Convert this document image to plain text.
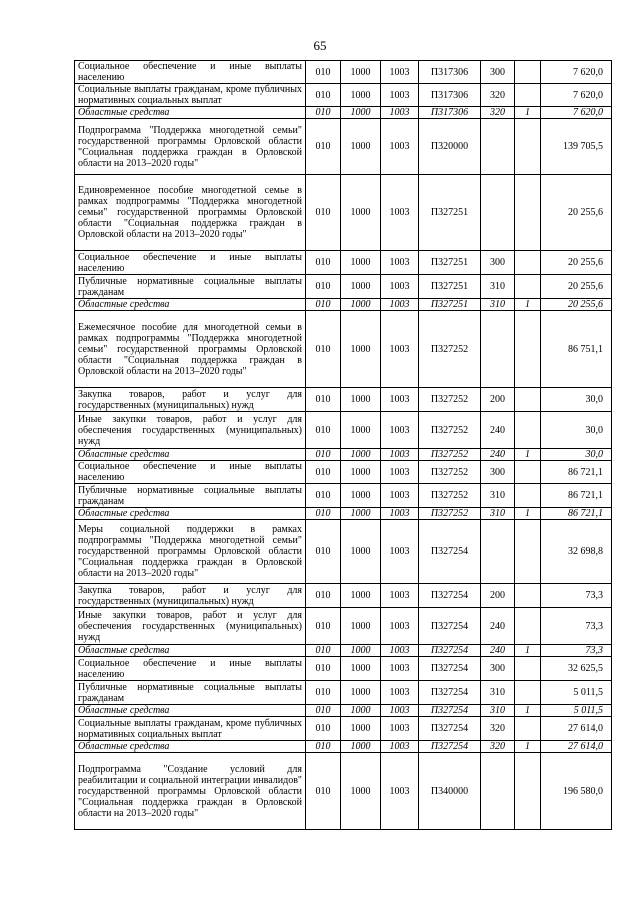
65
Социальное обеспечение и иные выплаты населению	010	1000	1003	П317306	300		7 620,0
Социальные выплаты гражданам, кроме публичных нормативных социальных выплат	010	1000	1003	П317306	320		7 620,0
Областные средства	010	1000	1003	П317306	320	1	7 620,0
Подпрограмма "Поддержка многодетной семьи" государственной программы Орловской области "Социальная поддержка граждан в Орловской области на 2013–2020 годы"	010	1000	1003	П320000			139 705,5
Единовременное пособие многодетной семье в рамках подпрограммы "Поддержка многодетной семьи" государственной программы Орловской области "Социальная поддержка граждан в Орловской области на 2013–2020 годы"	010	1000	1003	П327251			20 255,6
Социальное обеспечение и иные выплаты населению	010	1000	1003	П327251	300		20 255,6
Публичные нормативные социальные выплаты гражданам	010	1000	1003	П327251	310		20 255,6
Областные средства	010	1000	1003	П327251	310	1	20 255,6
Ежемесячное пособие для многодетной семьи в рамках подпрограммы "Поддержка многодетной семьи" государственной программы Орловской области "Социальная поддержка граждан в Орловской области на 2013–2020 годы"	010	1000	1003	П327252			86 751,1
Закупка товаров, работ и услуг для государственных (муниципальных) нужд	010	1000	1003	П327252	200		30,0
Иные закупки товаров, работ и услуг для обеспечения государственных (муниципальных) нужд	010	1000	1003	П327252	240		30,0
Областные средства	010	1000	1003	П327252	240	1	30,0
Социальное обеспечение и иные выплаты населению	010	1000	1003	П327252	300		86 721,1
Публичные нормативные социальные выплаты гражданам	010	1000	1003	П327252	310		86 721,1
Областные средства	010	1000	1003	П327252	310	1	86 721,1
Меры социальной поддержки в рамках подпрограммы "Поддержка многодетной семьи" государственной программы Орловской области "Социальная поддержка граждан в Орловской области на 2013–2020 годы"	010	1000	1003	П327254			32 698,8
Закупка товаров, работ и услуг для государственных (муниципальных) нужд	010	1000	1003	П327254	200		73,3
Иные закупки товаров, работ и услуг для обеспечения государственных (муниципальных) нужд	010	1000	1003	П327254	240		73,3
Областные средства	010	1000	1003	П327254	240	1	73,3
Социальное обеспечение и иные выплаты населению	010	1000	1003	П327254	300		32 625,5
Публичные нормативные социальные выплаты гражданам	010	1000	1003	П327254	310		5 011,5
Областные средства	010	1000	1003	П327254	310	1	5 011,5
Социальные выплаты гражданам, кроме публичных нормативных социальных выплат	010	1000	1003	П327254	320		27 614,0
Областные средства	010	1000	1003	П327254	320	1	27 614,0
Подпрограмма "Создание условий для реабилитации и социальной интеграции инвалидов" государственной программы Орловской области "Социальная поддержка граждан в Орловской области на 2013–2020 годы"	010	1000	1003	П340000			196 580,0
